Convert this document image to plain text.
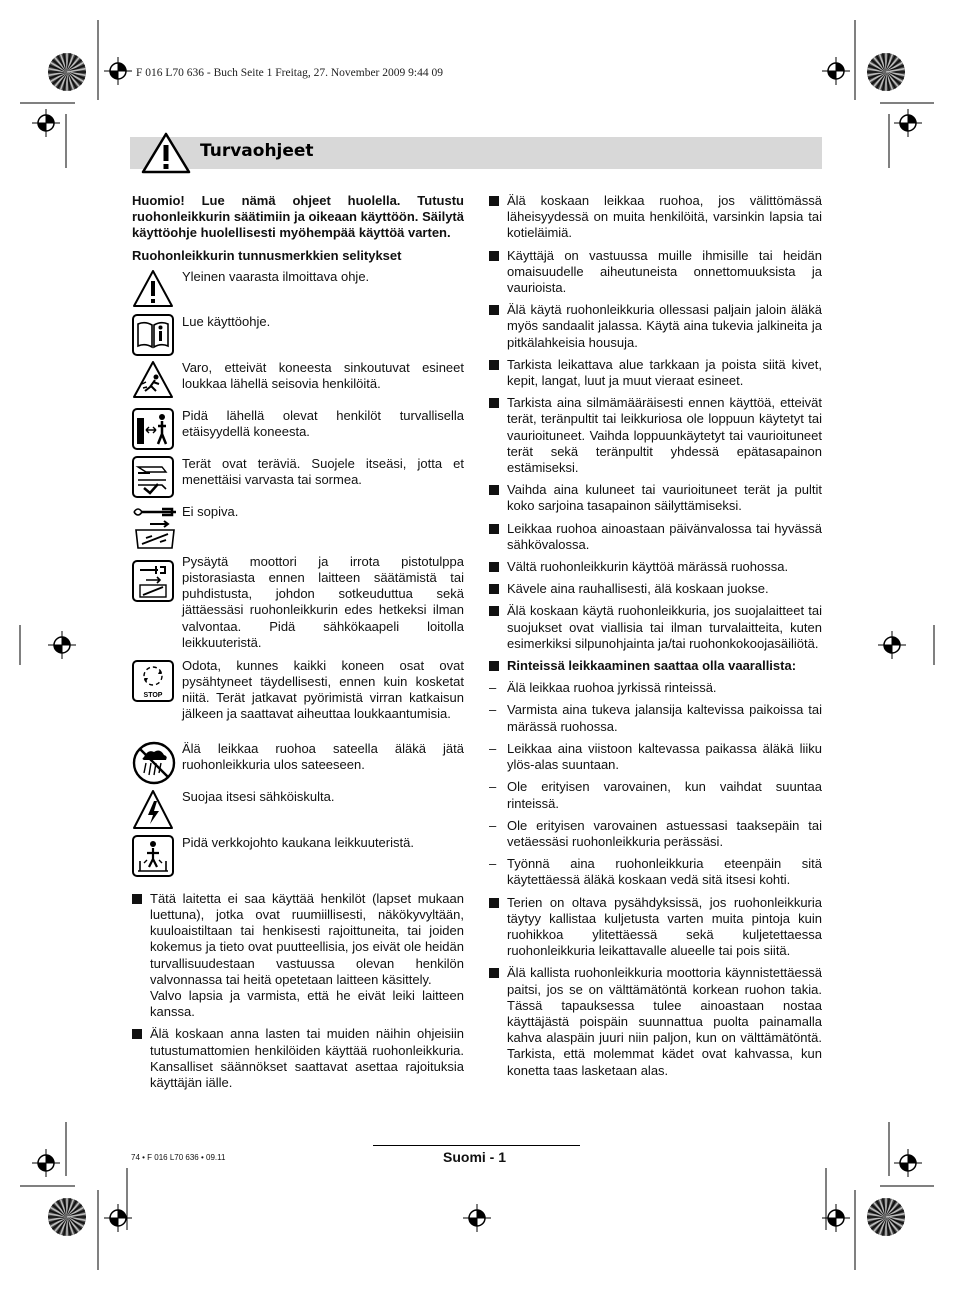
F 016 L70 636 - Buch Seite 1 Freitag, 27. November 2009 9:44 09
Turvaohjeet

Huomio! Lue nämä ohjeet huolella. Tutustu ruohonleikkurin säätimiin ja oikeaan käyttöön. Säilytä käyttöohje huolellisesti myöhempää käyttöä varten.

Ruohonleikkurin tunnusmerkkien selitykset

Yleinen vaarasta ilmoittava ohje.
Lue käyttöohje.
Varo, etteivät koneesta sinkoutuvat esineet loukkaa lähellä seisovia henkilöitä.
Pidä lähellä olevat henkilöt turvallisella etäisyydellä koneesta.
Terät ovat teräviä. Suojele itseäsi, jotta et menettäisi varvasta tai sormea.
Ei sopiva.
Pysäytä moottori ja irrota pistotulppa pistorasiasta ennen laitteen säätämistä tai puhdistusta, johdon sotkeuduttua sekä jättäessäsi ruohonleikkurin edes hetkeksi ilman valvontaa. Pidä sähkökaapeli loitolla leikkuuteristä.
STOP
Odota, kunnes kaikki koneen osat ovat pysähtyneet täydellisesti, ennen kuin kosketat niitä. Terät jatkavat pyörimistä virran katkaisun jälkeen ja saattavat aiheuttaa loukkaantumisia.
Älä leikkaa ruohoa sateella äläkä jätä ruohonleikkuria ulos sateeseen.
Suojaa itsesi sähköiskulta.
Pidä verkkojohto kaukana leikkuuteristä.

Tätä laitetta ei saa käyttää henkilöt (lapset mukaan luettuna), jotka ovat ruumiillisesti, näkökyvyltään, kuuloaistiltaan tai henkisesti rajoittuneita, tai joiden kokemus ja tieto ovat puutteellisia, jos eivät ole heidän turvallisuudestaan vastuussa olevan henkilön valvonnassa tai heitä opetetaan laitteen käsittely.

Valvo lapsia ja varmista, että he eivät leiki laitteen kanssa.

Älä koskaan anna lasten tai muiden näihin ohjeisiin tutustumattomien henkilöiden käyttää ruohonleikkuria. Kansalliset säännökset saattavat asettaa rajoituksia käyttäjän iälle.

Älä koskaan leikkaa ruohoa, jos välittömässä läheisyydessä on muita henkilöitä, varsinkin lapsia tai kotieläimiä.

Käyttäjä on vastuussa muille ihmisille tai heidän omaisuudelle aiheutuneista onnettomuuksista ja vaurioista.

Älä käytä ruohonleikkuria ollessasi paljain jaloin äläkä myös sandaalit jalassa. Käytä aina tukevia jalkineita ja pitkälahkeisia housuja.

Tarkista leikattava alue tarkkaan ja poista siitä kivet, kepit, langat, luut ja muut vieraat esineet.

Tarkista aina silmämääräisesti ennen käyttöä, etteivät terät, teränpultit tai leikkuriosa ole loppuun käytetyt tai vaurioituneet. Vaihda loppuunkäytetyt tai vaurioituneet terät sekä teränpultit yhdessä epätasapainon estämiseksi.

Vaihda aina kuluneet tai vaurioituneet terät ja pultit koko sarjoina tasapainon säilyttämiseksi.

Leikkaa ruohoa ainoastaan päivänvalossa tai hyvässä sähkövalossa.

Vältä ruohonleikkurin käyttöä märässä ruohossa.

Kävele aina rauhallisesti, älä koskaan juokse.

Älä koskaan käytä ruohonleikkuria, jos suojalaitteet tai suojukset ovat viallisia tai ilman turvalaitteita, kuten esimerkiksi silpunohjainta ja/tai ruohonkokoojasäiliötä.

Rinteissä leikkaaminen saattaa olla vaarallista:

– Älä leikkaa ruohoa jyrkissä rinteissä.

– Varmista aina tukeva jalansija kaltevissa paikoissa tai märässä ruohossa.

– Leikkaa aina viistoon kaltevassa paikassa äläkä liiku ylös-alas suuntaan.

– Ole erityisen varovainen, kun vaihdat suuntaa rinteissä.

– Ole erityisen varovainen astuessasi taaksepäin tai vetäessäsi ruohonleikkuria perässäsi.

– Työnnä aina ruohonleikkuria eteenpäin sitä käytettäessä äläkä koskaan vedä sitä itsesi kohti.

Terien on oltava pysähdyksissä, jos ruohonleikkuria täytyy kallistaa kuljetusta varten muita pintoja kuin ruohikkoa ylitettäessä sekä kuljetettaessa ruohonleikkuria leikattavalle alueelle tai pois siitä.

Älä kallista ruohonleikkuria moottoria käynnistettäessä paitsi, jos se on välttämätöntä korkean ruohon takia. Tässä tapauksessa tulee ainoastaan nostaa käyttäjästä poispäin suunnattua puolta painamalla kahva alaspäin juuri niin paljon, kun on välttämätöntä. Tarkista, että molemmat kädet ovat kahvassa, kun konetta taas lasketaan alas.

74 • F 016 L70 636 • 09.11	Suomi - 1
